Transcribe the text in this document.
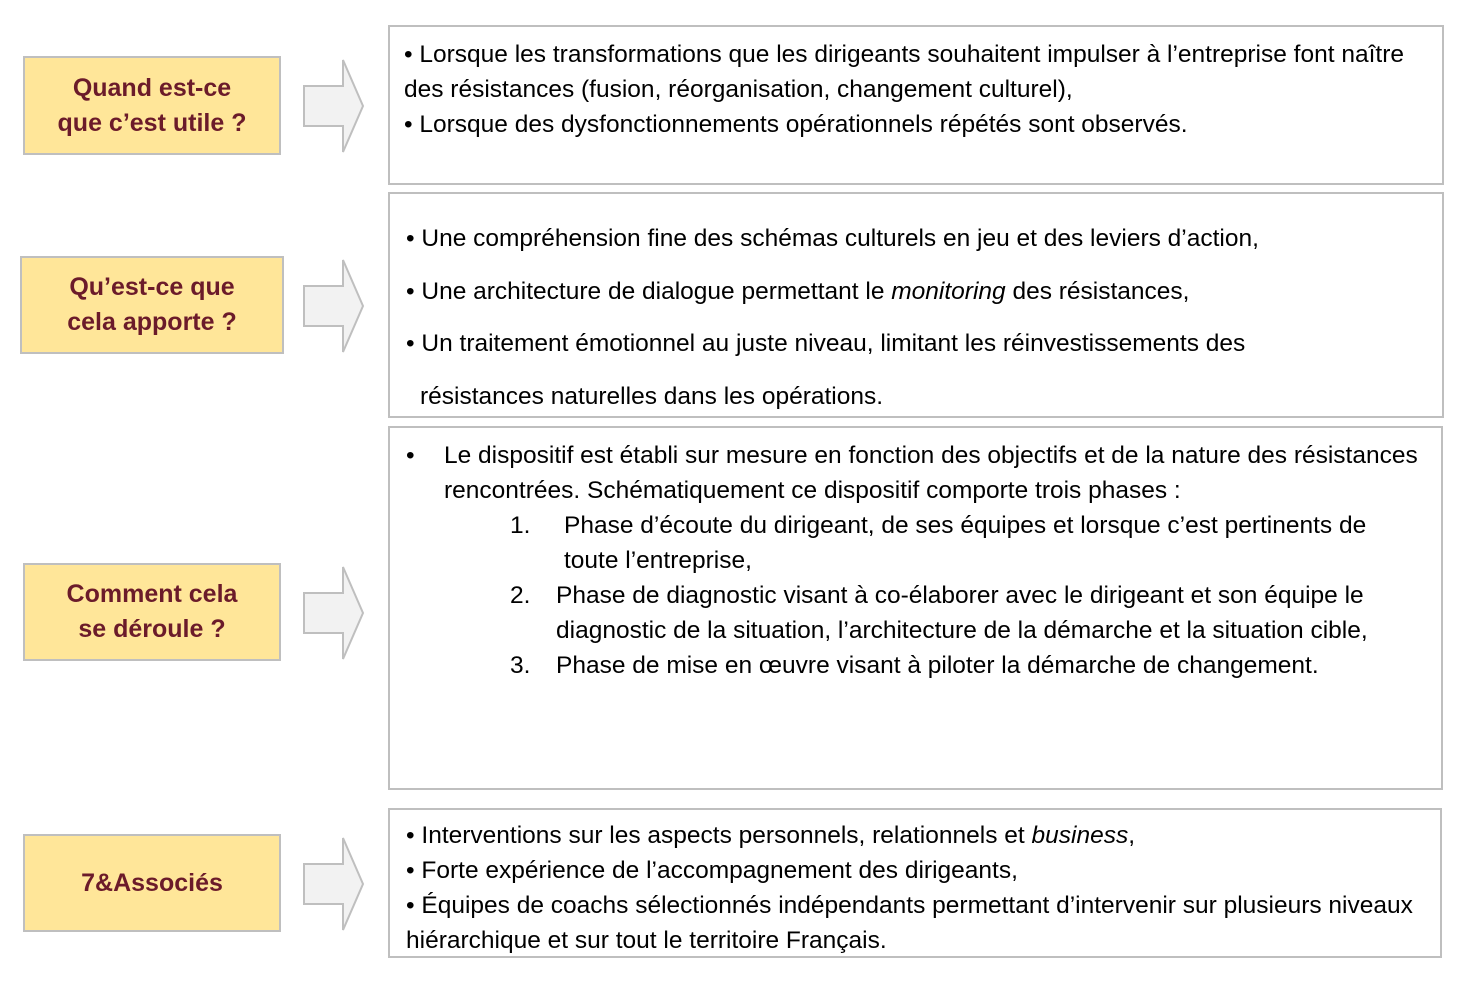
Quand est-ce
que c’est utile ?

• Lorsque les transformations que les dirigeants souhaitent impulser à l’entreprise font naître des résistances (fusion, réorganisation, changement culturel),

• Lorsque des dysfonctionnements opérationnels répétés sont observés.

Qu’est-ce que
cela apporte ?

• Une compréhension fine des schémas culturels en jeu et des leviers d’action,

• Une architecture de dialogue permettant le monitoring des résistances,

• Un traitement émotionnel au juste niveau, limitant les réinvestissements des

résistances naturelles dans les opérations.

Comment cela
se déroule ?
•	Le dispositif est établi sur mesure en fonction des objectifs et de la nature des résistances rencontrées. Schématiquement ce dispositif comporte trois phases :
1.	Phase d’écoute du dirigeant, de ses équipes et lorsque c’est pertinents de toute l’entreprise,
2.	Phase de diagnostic visant à co-élaborer avec le dirigeant et son équipe le diagnostic de la situation, l’architecture de la démarche et la situation cible,
3.	Phase de mise en œuvre visant à piloter la démarche de changement.
7&Associés

• Interventions sur les aspects personnels, relationnels et business,

• Forte expérience de l’accompagnement des dirigeants,

• Équipes de coachs sélectionnés indépendants permettant d’intervenir sur plusieurs niveaux hiérarchique et sur tout le territoire Français.
